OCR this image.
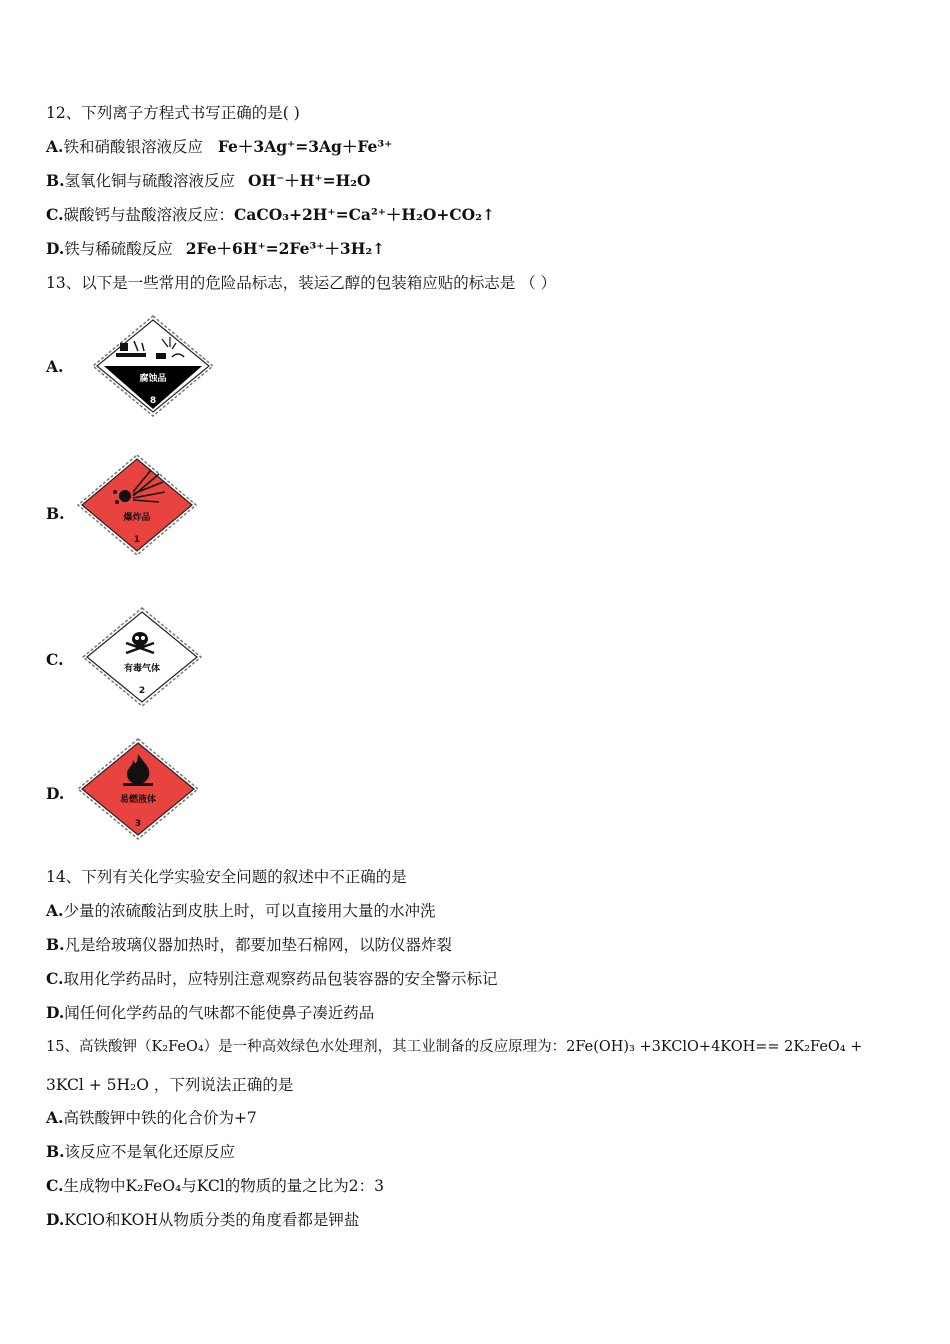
12、下列离子方程式书写正确的是( )
A.铁和硝酸银溶液反应 Fe＋3Ag⁺=3Ag＋Fe³⁺
B.氢氧化铜与硫酸溶液反应 OH⁻＋H⁺=H₂O
C.碳酸钙与盐酸溶液反应：CaCO₃+2H⁺=Ca²⁺＋H₂O+CO₂↑
D.铁与稀硫酸反应 2Fe＋6H⁺=2Fe³⁺＋3H₂↑
13、以下是一些常用的危险品标志，装运乙醇的包装箱应贴的标志是 （ ）
A.
腐蚀品
8
B.	爆炸品
1
C.	有毒气体
2
D.	易燃液体
3
14、下列有关化学实验安全问题的叙述中不正确的是
A.少量的浓硫酸沾到皮肤上时，可以直接用大量的水冲洗
B.凡是给玻璃仪器加热时，都要加垫石棉网，以防仪器炸裂
C.取用化学药品时，应特别注意观察药品包装容器的安全警示标记
D.闻任何化学药品的气味都不能使鼻子凑近药品
15、高铁酸钾（K₂FeO₄）是一种高效绿色水处理剂，其工业制备的反应原理为：2Fe(OH)₃ +3KClO+4KOH== 2K₂FeO₄ +
3KCl + 5H₂O ，下列说法正确的是
A.高铁酸钾中铁的化合价为+7
B.该反应不是氧化还原反应
C.生成物中K₂FeO₄与KCl的物质的量之比为2：3
D.KClO和KOH从物质分类的角度看都是钾盐
